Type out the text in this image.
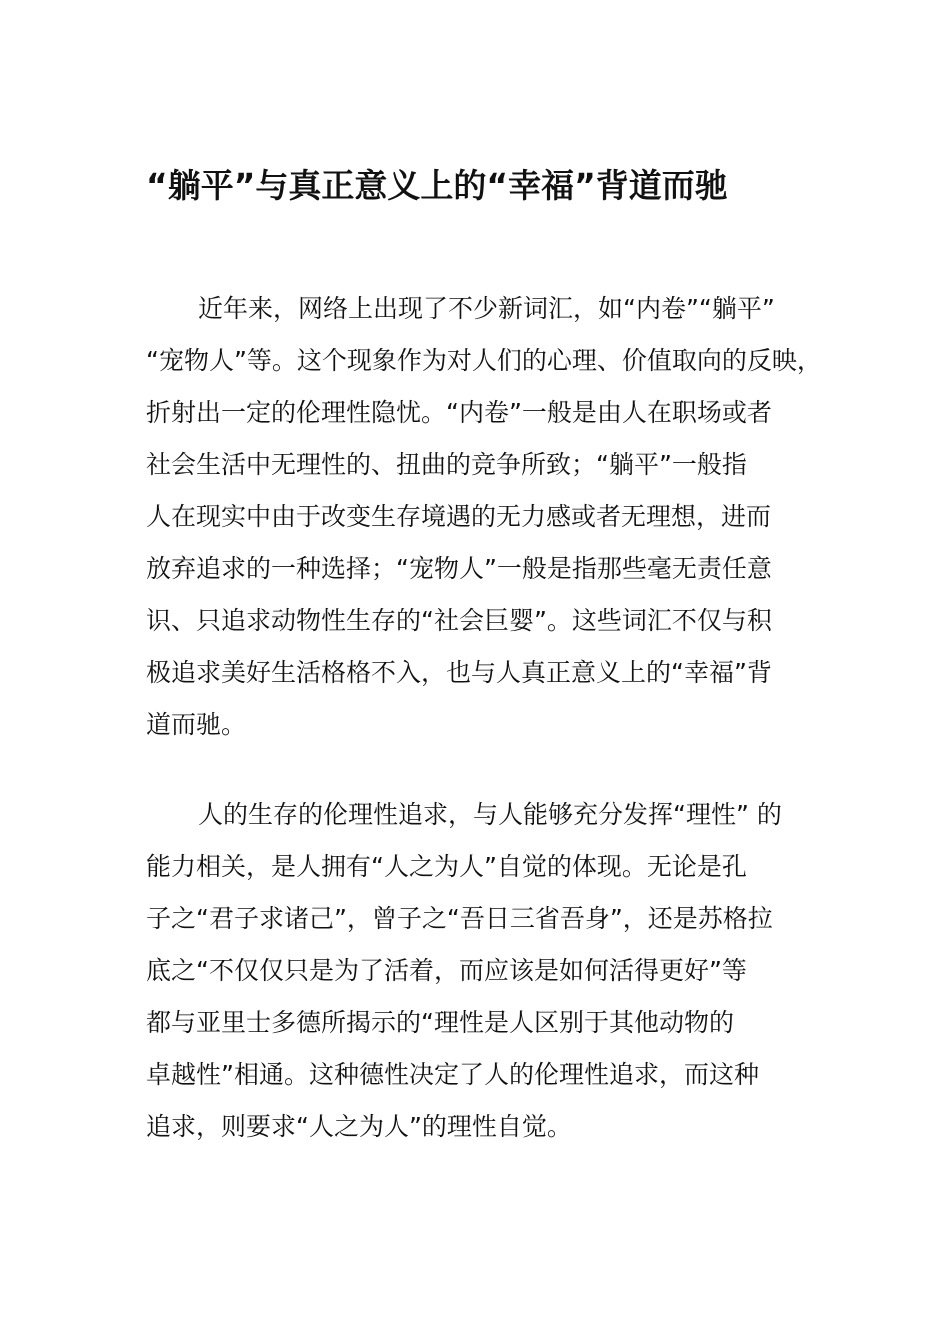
“躺平”与真正意义上的“幸福”背道而驰

近年来，网络上出现了不少新词汇，如“内卷”“躺平”
“宠物人”等。这个现象作为对人们的心理、价值取向的反映，
折射出一定的伦理性隐忧。“内卷”一般是由人在职场或者
社会生活中无理性的、扭曲的竞争所致；“躺平”一般指
人在现实中由于改变生存境遇的无力感或者无理想，进而
放弃追求的一种选择；“宠物人”一般是指那些毫无责任意
识、只追求动物性生存的“社会巨婴”。这些词汇不仅与积
极追求美好生活格格不入，也与人真正意义上的“幸福”背
道而驰。

人的生存的伦理性追求，与人能够充分发挥“理性” 的
能力相关，是人拥有“人之为人”自觉的体现。无论是孔
子之“君子求诸己”，曾子之“吾日三省吾身”，还是苏格拉
底之“不仅仅只是为了活着，而应该是如何活得更好”等
都与亚里士多德所揭示的“理性是人区别于其他动物的
卓越性”相通。这种德性决定了人的伦理性追求，而这种
追求，则要求“人之为人”的理性自觉。
